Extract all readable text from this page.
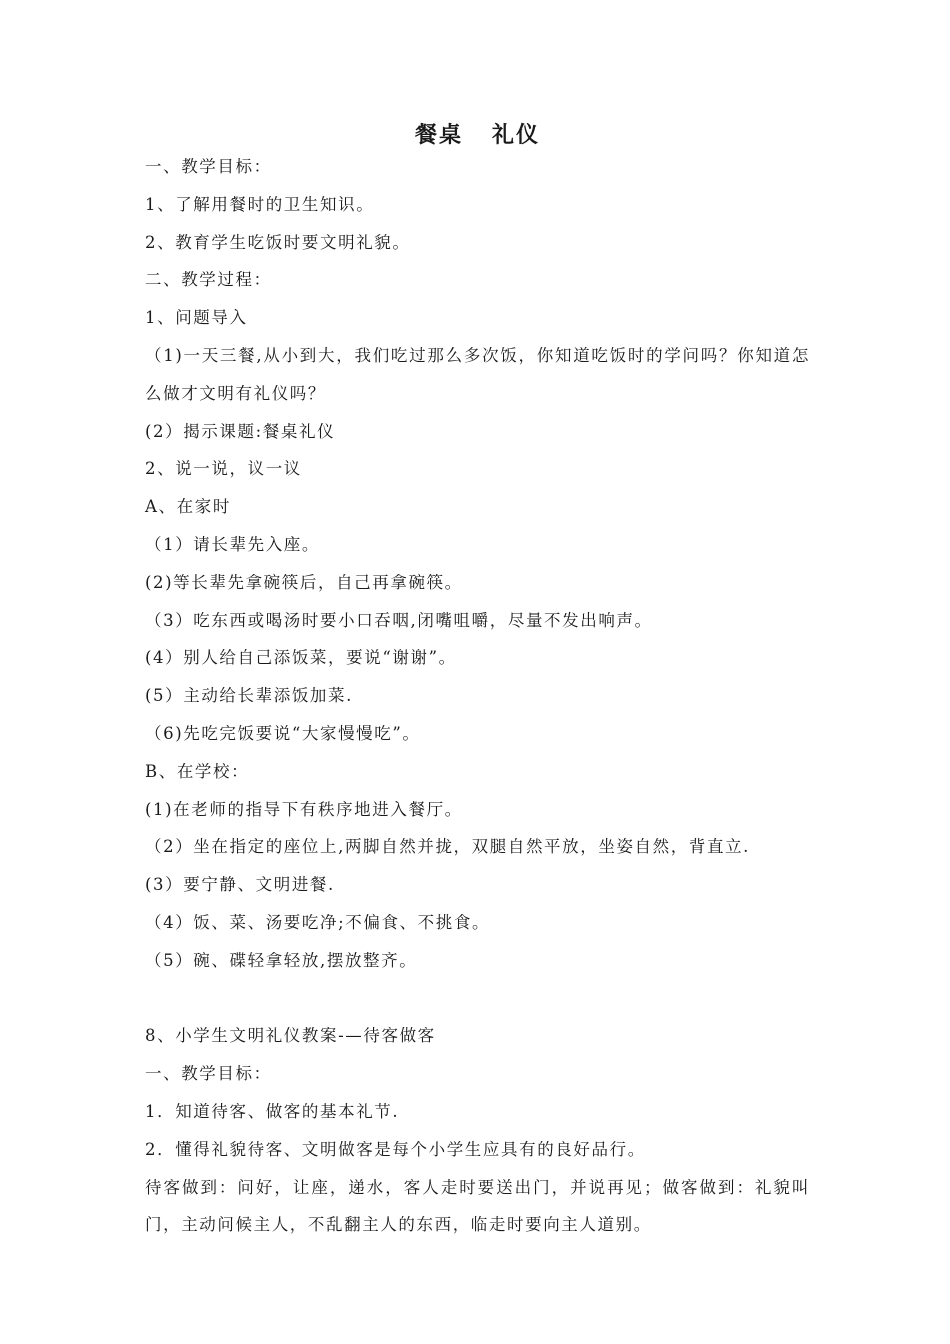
餐桌   礼仪
一、教学目标：
1、了解用餐时的卫生知识。
2、教育学生吃饭时要文明礼貌。
二、教学过程：
1、问题导入
（1)一天三餐,从小到大，我们吃过那么多次饭，你知道吃饭时的学问吗？你知道怎么做才文明有礼仪吗？
(2）揭示课题:餐桌礼仪
2、说一说，议一议
A、在家时
（1）请长辈先入座。
(2)等长辈先拿碗筷后，自己再拿碗筷。
（3）吃东西或喝汤时要小口吞咽,闭嘴咀嚼，尽量不发出响声。
(4）别人给自己添饭菜，要说“谢谢”。
(5）主动给长辈添饭加菜.
（6)先吃完饭要说“大家慢慢吃”。
B、在学校：
(1)在老师的指导下有秩序地进入餐厅。
（2）坐在指定的座位上,两脚自然并拢，双腿自然平放，坐姿自然，背直立.
(3）要宁静、文明进餐.
（4）饭、菜、汤要吃净;不偏食、不挑食。
（5）碗、碟轻拿轻放,摆放整齐。
8、小学生文明礼仪教案-—待客做客
一、教学目标：
1．知道待客、做客的基本礼节.
2．懂得礼貌待客、文明做客是每个小学生应具有的良好品行。
待客做到：问好，让座，递水，客人走时要送出门，并说再见；做客做到：礼貌叫门，主动问候主人，不乱翻主人的东西，临走时要向主人道别。
